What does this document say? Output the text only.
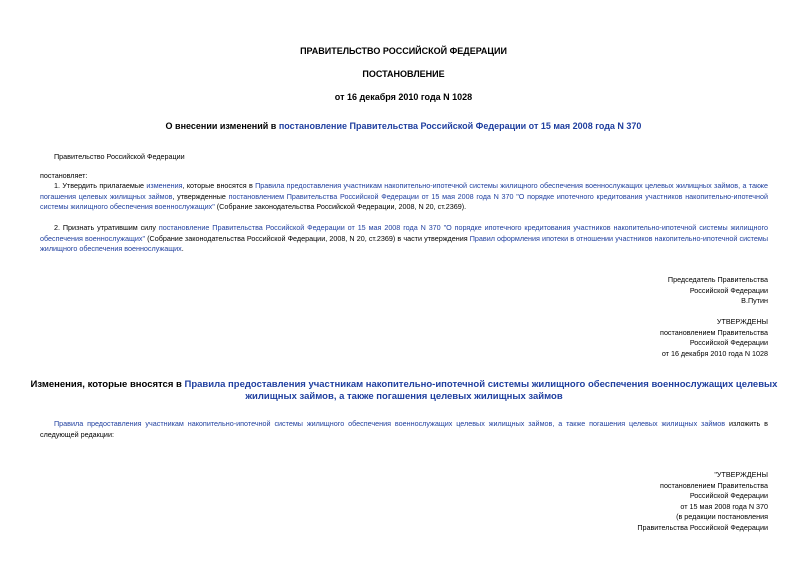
ПРАВИТЕЛЬСТВО РОССИЙСКОЙ ФЕДЕРАЦИИ
ПОСТАНОВЛЕНИЕ
от 16 декабря 2010 года N 1028
О внесении изменений в постановление Правительства Российской Федерации от 15 мая 2008 года N 370
Правительство Российской Федерации
постановляет:
1. Утвердить прилагаемые изменения, которые вносятся в Правила предоставления участникам накопительно-ипотечной системы жилищного обеспечения военнослужащих целевых жилищных займов, а также погашения целевых жилищных займов, утвержденные постановлением Правительства Российской Федерации от 15 мая 2008 года N 370 "О порядке ипотечного кредитования участников накопительно-ипотечной системы жилищного обеспечения военнослужащих" (Собрание законодательства Российской Федерации, 2008, N 20, ст.2369).
2. Признать утратившим силу постановление Правительства Российской Федерации от 15 мая 2008 года N 370 "О порядке ипотечного кредитования участников накопительно-ипотечной системы жилищного обеспечения военнослужащих" (Собрание законодательства Российской Федерации, 2008, N 20, ст.2369) в части утверждения Правил оформления ипотеки в отношении участников накопительно-ипотечной системы жилищного обеспечения военнослужащих.
Председатель Правительства
Российской Федерации
В.Путин
УТВЕРЖДЕНЫ
постановлением Правительства
Российской Федерации
от 16 декабря 2010 года N 1028
Изменения, которые вносятся в Правила предоставления участникам накопительно-ипотечной системы жилищного обеспечения военнослужащих целевых жилищных займов, а также погашения целевых жилищных займов
Правила предоставления участникам накопительно-ипотечной системы жилищного обеспечения военнослужащих целевых жилищных займов, а также погашения целевых жилищных займов изложить в следующей редакции:
"УТВЕРЖДЕНЫ
постановлением Правительства
Российской Федерации
от 15 мая 2008 года N 370
(в редакции постановления
Правительства Российской Федерации
